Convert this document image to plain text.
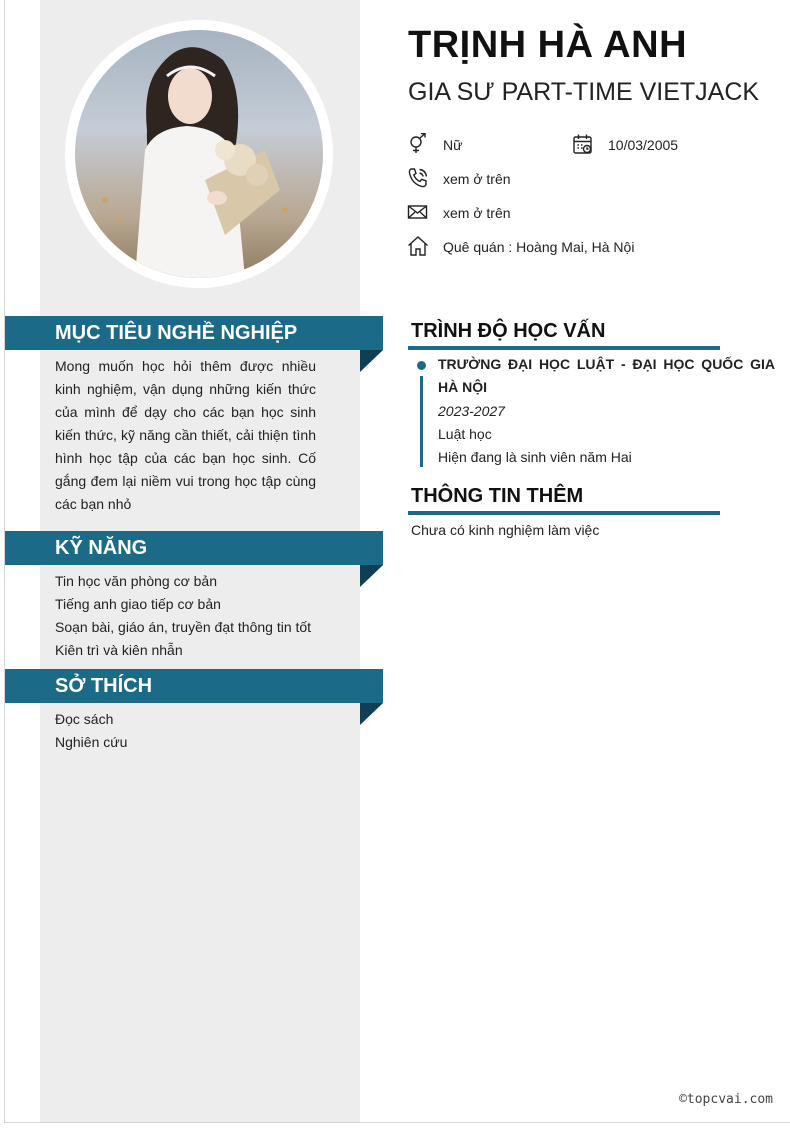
TRỊNH HÀ ANH
GIA SƯ PART-TIME VIETJACK
Nữ	10/03/2005
xem ở trên
xem ở trên
Quê quán : Hoàng Mai, Hà Nội
MỤC TIÊU NGHỀ NGHIỆP
Mong muốn học hỏi thêm được nhiều
kinh nghiệm, vận dụng những kiến thức
của mình để dạy cho các bạn học sinh
kiến thức, kỹ năng cần thiết, cải thiện tình
hình học tập của các bạn học sinh. Cố
gắng đem lại niềm vui trong học tập cùng
các bạn nhỏ
KỸ NĂNG
Tin học văn phòng cơ bản
Tiếng anh giao tiếp cơ bản
Soạn bài, giáo án, truyền đạt thông tin tốt
Kiên trì và kiên nhẫn
SỞ THÍCH
Đọc sách
Nghiên cứu
TRÌNH ĐỘ HỌC VẤN
TRƯỜNG ĐẠI HỌC LUẬT - ĐẠI HỌC QUỐC GIA HÀ NỘI
2023-2027
Luật học
Hiện đang là sinh viên năm Hai
THÔNG TIN THÊM
Chưa có kinh nghiệm làm việc
©topcvai.com
